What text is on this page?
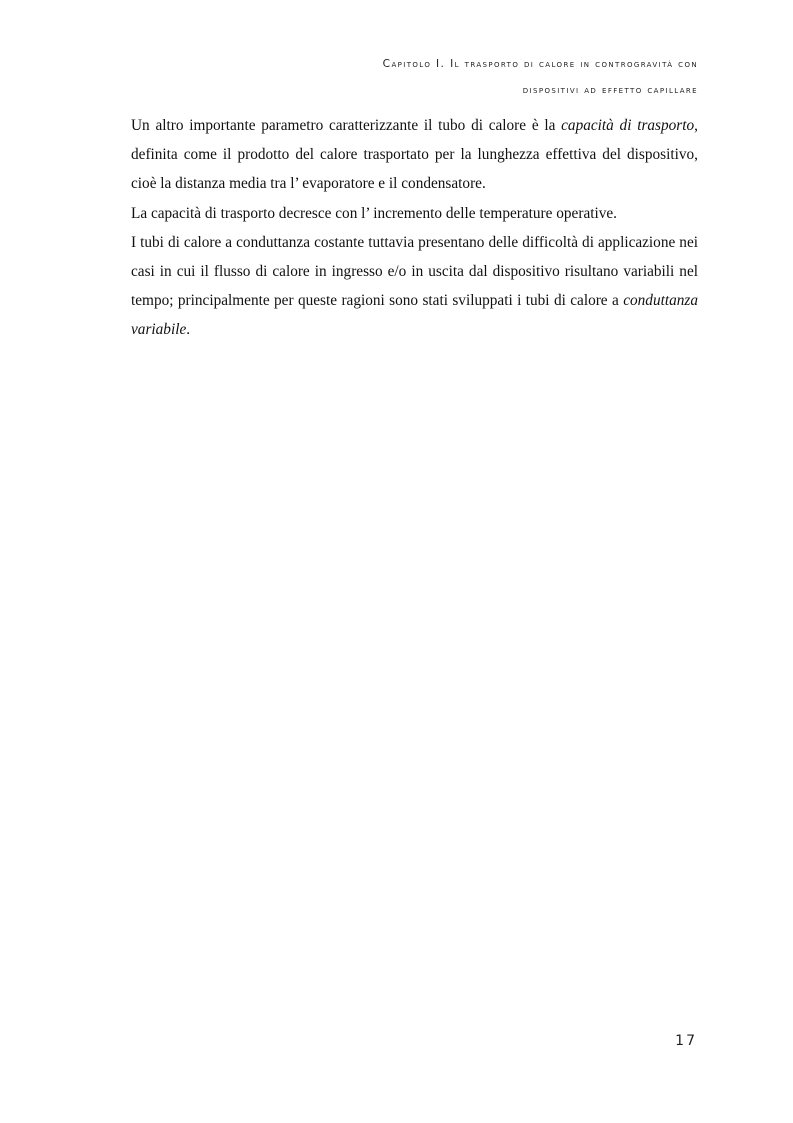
Capitolo I. Il trasporto di calore in controgravità con
dispositivi ad effetto capillare

Un altro importante parametro caratterizzante il tubo di calore è la capacità di trasporto, definita come il prodotto del calore trasportato per la lunghezza effettiva del dispositivo, cioè la distanza media tra l’ evaporatore e il condensatore.

La capacità di trasporto decresce con l’ incremento delle temperature operative.

I tubi di calore a conduttanza costante tuttavia presentano delle difficoltà di applicazione nei casi in cui il flusso di calore in ingresso e/o in uscita dal dispositivo risultano variabili nel tempo; principalmente per queste ragioni sono stati sviluppati i tubi di calore a conduttanza variabile.

17
